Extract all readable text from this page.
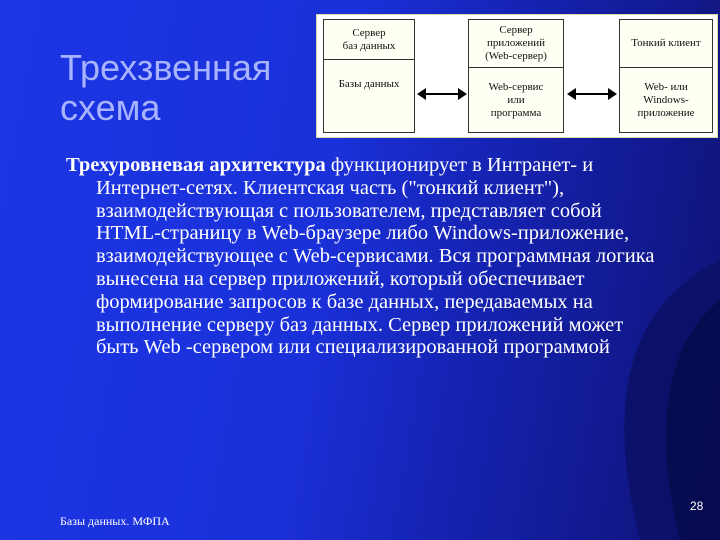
Трехзвенная
схема
Сервер
баз данных
Базы данных
Сервер
приложений
(Web-сервер)
Web-сервис
или
программа
Тонкий клиент
Web- или
Windows-
приложение
Трехуровневая архитектура функционирует в Интранет- и Интернет-сетях. Клиентская часть ("тонкий клиент"), взаимодействующая с пользователем, представляет собой HTML-страницу в Web-браузере либо Windows-приложение, взаимодействующее с Web-сервисами. Вся программная логика вынесена на сервер приложений, который обеспечивает формирование запросов к базе данных, передаваемых на выполнение серверу баз данных. Сервер приложений может быть Web -сервером или специализированной программой
Базы данных. МФПА
28
